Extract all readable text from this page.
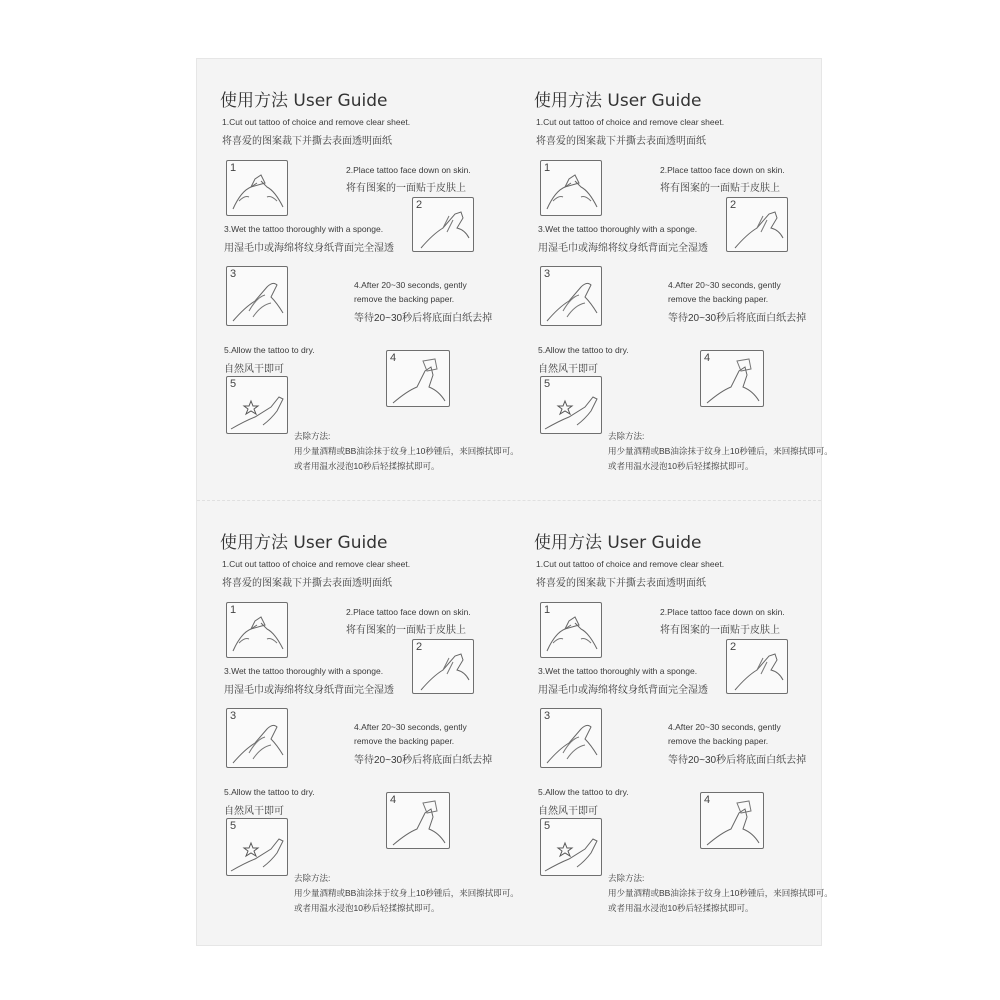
使用方法 User Guide
1.Cut out tattoo of choice and remove clear sheet.
将喜爱的图案裁下并撕去表面透明面纸
1	2.Place tattoo face down on skin.
将有图案的一面贴于皮肤上
2
3.Wet the tattoo thoroughly with a sponge.
用湿毛巾或海绵将纹身纸背面完全湿透
3
4.After 20~30 seconds, gently
remove the backing paper.
等待20~30秒后将底面白纸去掉
5.Allow the tattoo to dry.
自然风干即可
4
5
去除方法:
用少量酒精或BB油涂抹于纹身上10秒锺后，来回擦拭即可。
或者用温水浸泡10秒后轻揉擦拭即可。
使用方法 User Guide
1.Cut out tattoo of choice and remove clear sheet.
将喜爱的图案裁下并撕去表面透明面纸
1	2.Place tattoo face down on skin.
将有图案的一面贴于皮肤上
2
3.Wet the tattoo thoroughly with a sponge.
用湿毛巾或海绵将纹身纸背面完全湿透
3
4.After 20~30 seconds, gently
remove the backing paper.
等待20~30秒后将底面白纸去掉
5.Allow the tattoo to dry.
自然风干即可
4
5
去除方法:
用少量酒精或BB油涂抹于纹身上10秒锺后，来回擦拭即可。
或者用温水浸泡10秒后轻揉擦拭即可。
使用方法 User Guide
1.Cut out tattoo of choice and remove clear sheet.
将喜爱的图案裁下并撕去表面透明面纸
1	2.Place tattoo face down on skin.
将有图案的一面贴于皮肤上
2
3.Wet the tattoo thoroughly with a sponge.
用湿毛巾或海绵将纹身纸背面完全湿透
3
4.After 20~30 seconds, gently
remove the backing paper.
等待20~30秒后将底面白纸去掉
5.Allow the tattoo to dry.
自然风干即可
4
5
去除方法:
用少量酒精或BB油涂抹于纹身上10秒锺后，来回擦拭即可。
或者用温水浸泡10秒后轻揉擦拭即可。
使用方法 User Guide
1.Cut out tattoo of choice and remove clear sheet.
将喜爱的图案裁下并撕去表面透明面纸
1	2.Place tattoo face down on skin.
将有图案的一面贴于皮肤上
2
3.Wet the tattoo thoroughly with a sponge.
用湿毛巾或海绵将纹身纸背面完全湿透
3
4.After 20~30 seconds, gently
remove the backing paper.
等待20~30秒后将底面白纸去掉
5.Allow the tattoo to dry.
自然风干即可
4
5
去除方法:
用少量酒精或BB油涂抹于纹身上10秒锺后，来回擦拭即可。
或者用温水浸泡10秒后轻揉擦拭即可。
